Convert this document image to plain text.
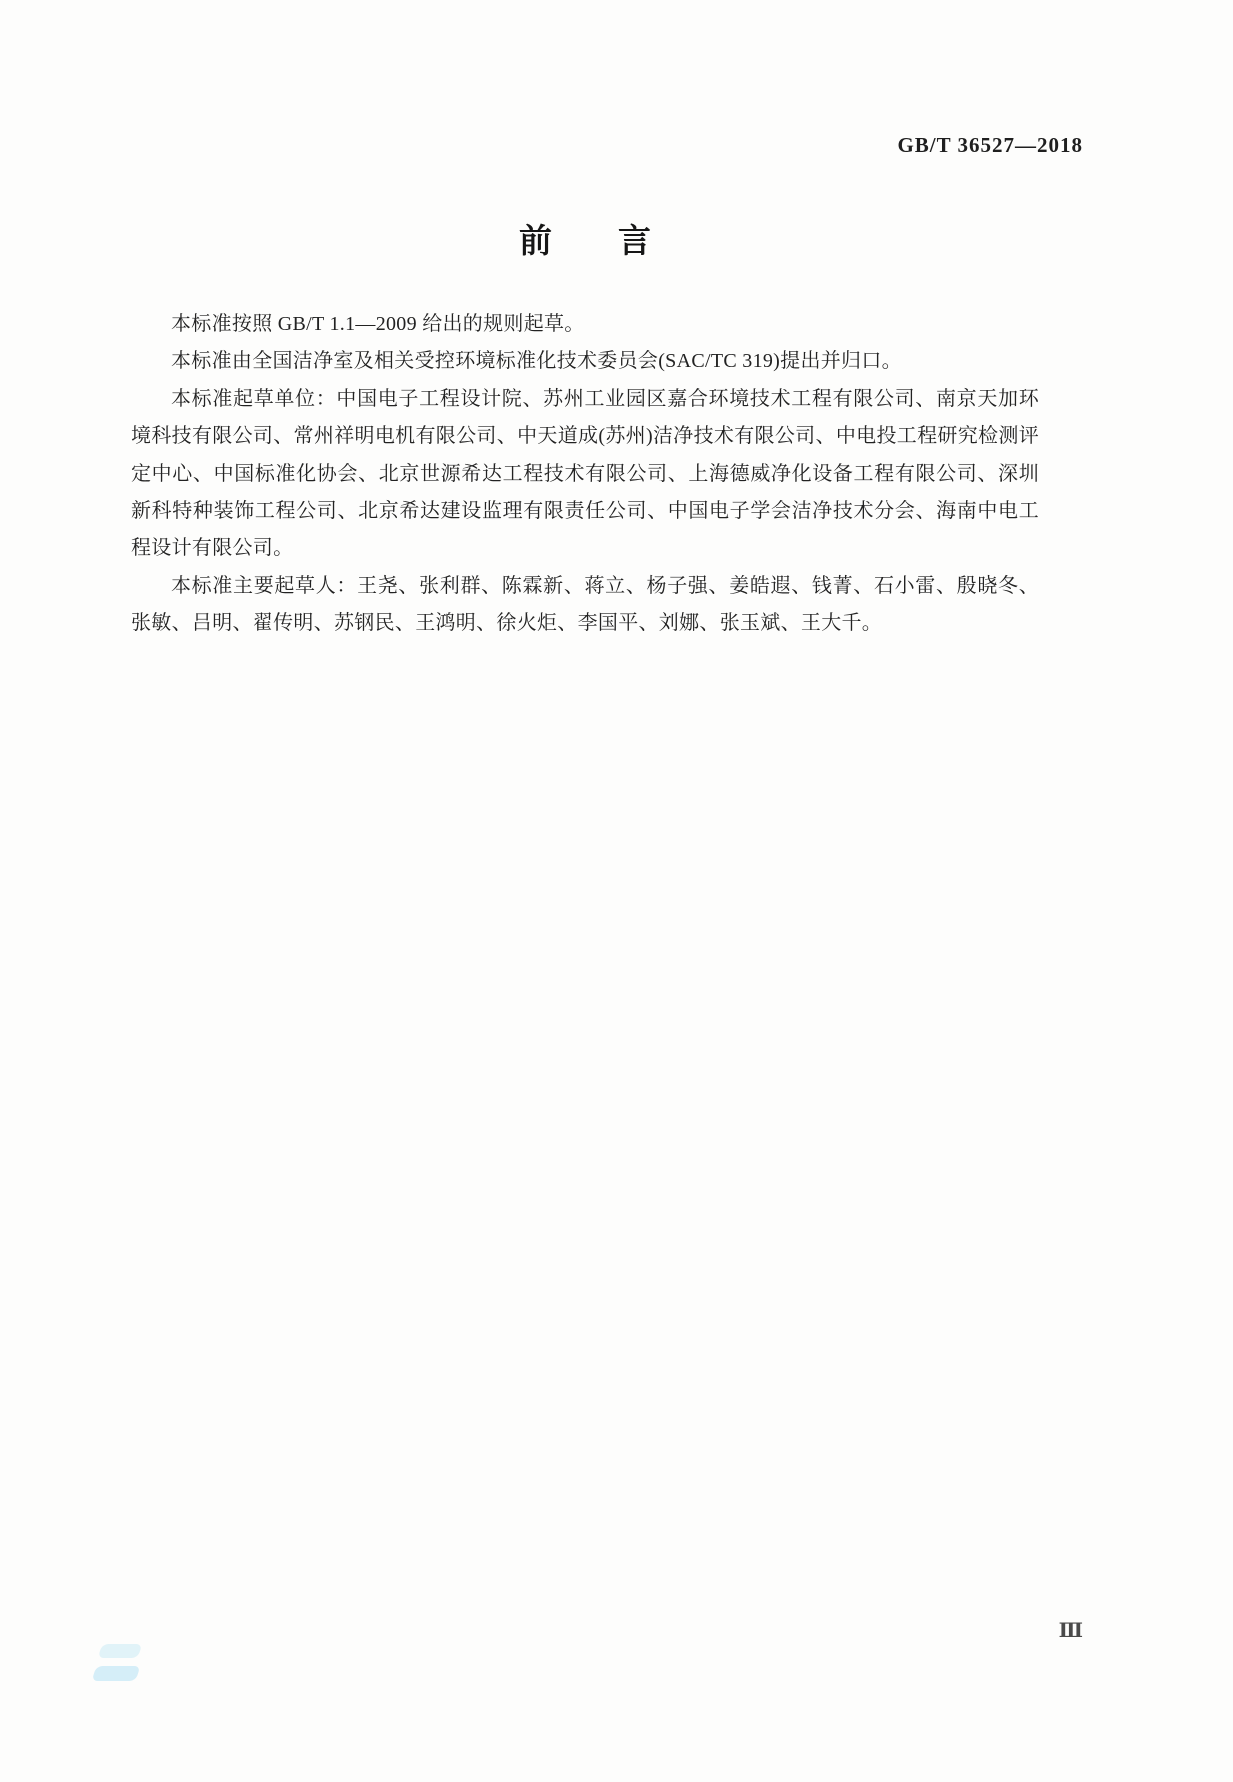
GB/T 36527—2018
前　　言

本标准按照 GB/T 1.1—2009 给出的规则起草。

本标准由全国洁净室及相关受控环境标准化技术委员会(SAC/TC 319)提出并归口。

本标准起草单位：中国电子工程设计院、苏州工业园区嘉合环境技术工程有限公司、南京天加环境科技有限公司、常州祥明电机有限公司、中天道成(苏州)洁净技术有限公司、中电投工程研究检测评定中心、中国标准化协会、北京世源希达工程技术有限公司、上海德威净化设备工程有限公司、深圳新科特种装饰工程公司、北京希达建设监理有限责任公司、中国电子学会洁净技术分会、海南中电工程设计有限公司。

本标准主要起草人：王尧、张利群、陈霖新、蒋立、杨子强、姜皓遐、钱菁、石小雷、殷晓冬、张敏、吕明、翟传明、苏钢民、王鸿明、徐火炬、李国平、刘娜、张玉斌、王大千。

Ⅲ
